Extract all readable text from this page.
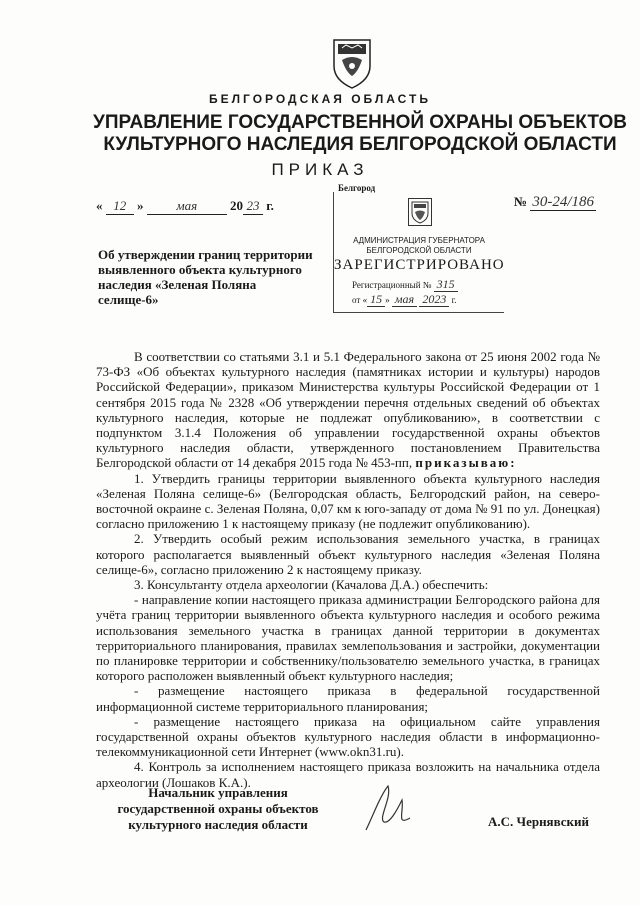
БЕЛГОРОДСКАЯ ОБЛАСТЬ
УПРАВЛЕНИЕ ГОСУДАРСТВЕННОЙ ОХРАНЫ ОБЪЕКТОВ
КУЛЬТУРНОГО НАСЛЕДИЯ БЕЛГОРОДСКОЙ ОБЛАСТИ
ПРИКАЗ
« 12 »	мая	20 23 г.	№ 30-24/186
Белгород
АДМИНИСТРАЦИЯ ГУБЕРНАТОРА
БЕЛГОРОДСКОЙ ОБЛАСТИ
ЗАРЕГИСТРИРОВАНО
Регистрационный № 315
от « 15 » мая 2023 г.
Об утверждении границ территории выявленного объекта культурного наследия «Зеленая Поляна селище-6»

В соответствии со статьями 3.1 и 5.1 Федерального закона от 25 июня 2002 года № 73-ФЗ «Об объектах культурного наследия (памятниках истории и культуры) народов Российской Федерации», приказом Министерства культуры Российской Федерации от 1 сентября 2015 года № 2328 «Об утверждении перечня отдельных сведений об объектах культурного наследия, которые не подлежат опубликованию», в соответствии с подпунктом 3.1.4 Положения об управлении государственной охраны объектов культурного наследия области, утвержденного постановлением Правительства Белгородской области от 14 декабря 2015 года № 453-пп, приказываю:

1. Утвердить границы территории выявленного объекта культурного наследия «Зеленая Поляна селище-6» (Белгородская область, Белгородский район, на северо-восточной окраине с. Зеленая Поляна, 0,07 км к юго-западу от дома № 91 по ул. Донецкая) согласно приложению 1 к настоящему приказу (не подлежит опубликованию).

2. Утвердить особый режим использования земельного участка, в границах которого располагается выявленный объект культурного наследия «Зеленая Поляна селище-6», согласно приложению 2 к настоящему приказу.

3. Консультанту отдела археологии (Качалова Д.А.) обеспечить:

- направление копии настоящего приказа администрации Белгородского района для учёта границ территории выявленного объекта культурного наследия и особого режима использования земельного участка в границах данной территории в документах территориального планирования, правилах землепользования и застройки, документации по планировке территории и собственнику/пользователю земельного участка, в границах которого расположен выявленный объект культурного наследия;

- размещение настоящего приказа в федеральной государственной информационной системе территориального планирования;

- размещение настоящего приказа на официальном сайте управления государственной охраны объектов культурного наследия области в информационно-телекоммуникационной сети Интернет (www.okn31.ru).

4. Контроль за исполнением настоящего приказа возложить на начальника отдела археологии (Лошаков К.А.).

Начальник управления
государственной охраны объектов
культурного наследия области	А.С. Чернявский
